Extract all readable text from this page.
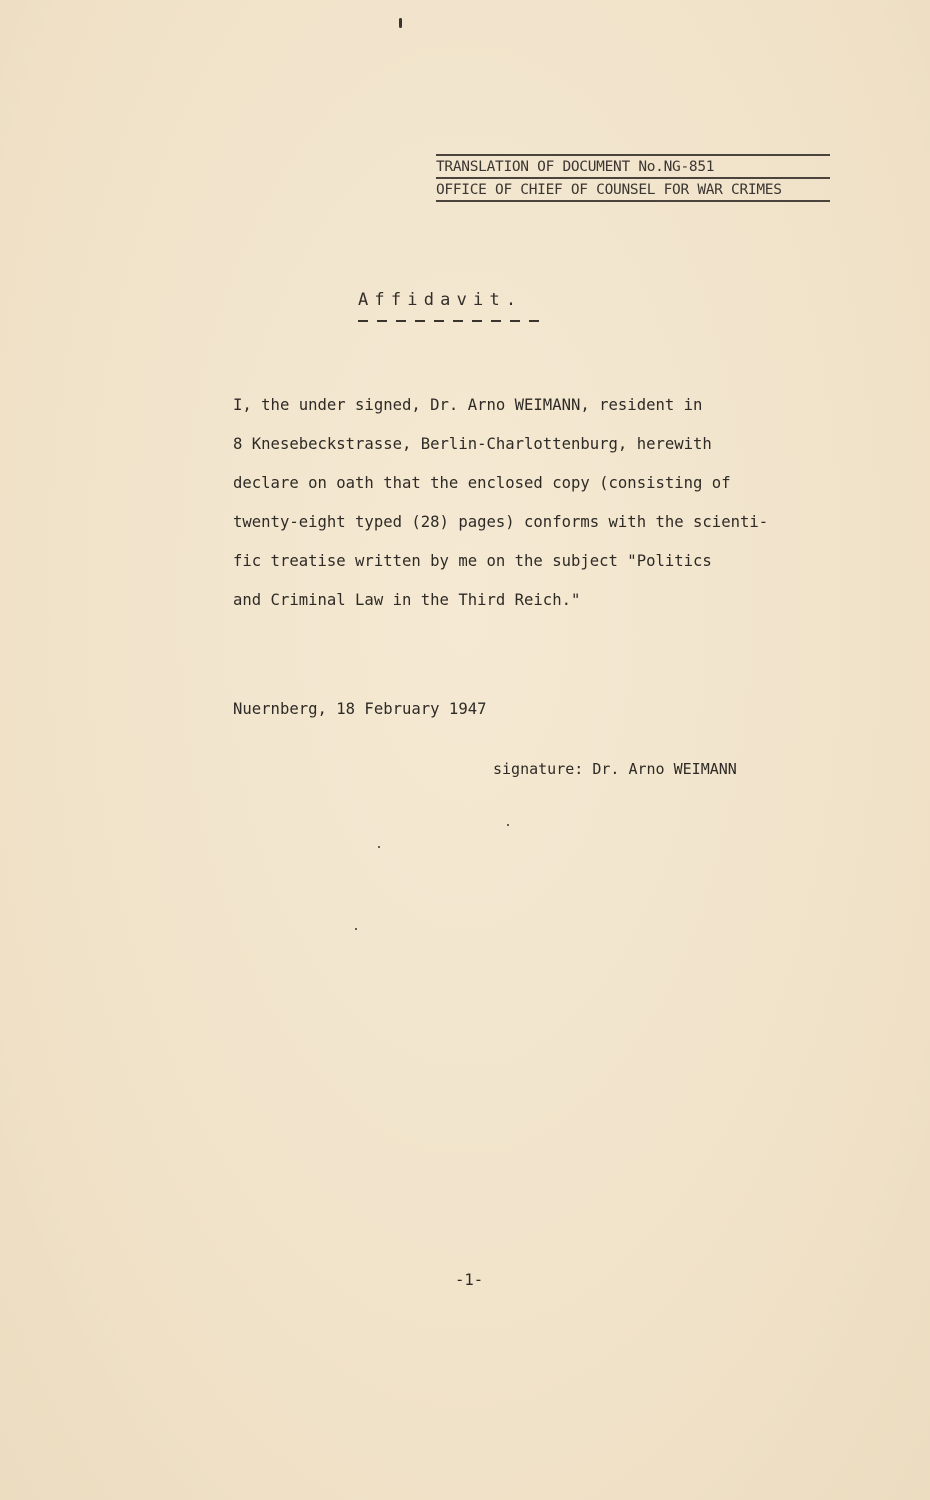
TRANSLATION OF DOCUMENT No.NG-851
OFFICE OF CHIEF OF COUNSEL FOR WAR CRIMES
Affidavit.
I, the under signed, Dr. Arno WEIMANN, resident in
8 Knesebeckstrasse, Berlin-Charlottenburg, herewith
declare on oath that the enclosed copy (consisting of
twenty-eight typed (28) pages) conforms with the scienti-
fic treatise written by me on the subject "Politics
and Criminal Law in the Third Reich."
Nuernberg, 18 February 1947
signature: Dr. Arno WEIMANN
-1-
